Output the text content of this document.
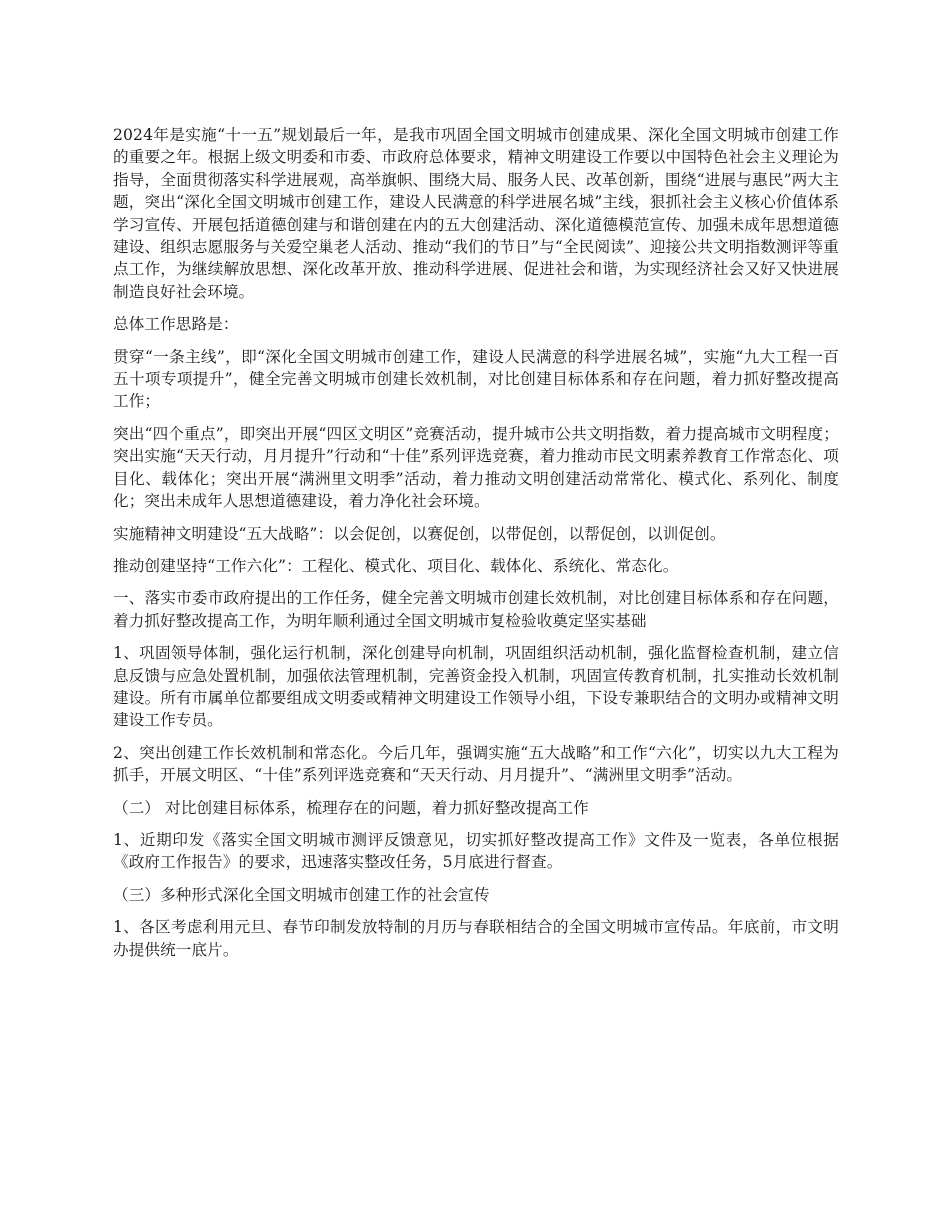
2024年是实施“十一五”规划最后一年，是我市巩固全国文明城市创建成果、深化全国文明城市创建工作的重要之年。根据上级文明委和市委、市政府总体要求，精神文明建设工作要以中国特色社会主义理论为指导，全面贯彻落实科学进展观，高举旗帜、围绕大局、服务人民、改革创新，围绕“进展与惠民”两大主题，突出“深化全国文明城市创建工作，建设人民满意的科学进展名城”主线，狠抓社会主义核心价值体系学习宣传、开展包括道德创建与和谐创建在内的五大创建活动、深化道德模范宣传、加强未成年思想道德建设、组织志愿服务与关爱空巢老人活动、推动“我们的节日”与“全民阅读”、迎接公共文明指数测评等重点工作，为继续解放思想、深化改革开放、推动科学进展、促进社会和谐，为实现经济社会又好又快进展制造良好社会环境。

总体工作思路是：

贯穿“一条主线”，即“深化全国文明城市创建工作，建设人民满意的科学进展名城”，实施“九大工程一百五十项专项提升”，健全完善文明城市创建长效机制，对比创建目标体系和存在问题，着力抓好整改提高工作；

突出“四个重点”，即突出开展“四区文明区”竞赛活动，提升城市公共文明指数，着力提高城市文明程度；突出实施“天天行动，月月提升”行动和“十佳”系列评选竞赛，着力推动市民文明素养教育工作常态化、项目化、载体化；突出开展“满洲里文明季”活动，着力推动文明创建活动常常化、模式化、系列化、制度化；突出未成年人思想道德建设，着力净化社会环境。

实施精神文明建设“五大战略”：以会促创，以赛促创，以带促创，以帮促创，以训促创。

推动创建坚持“工作六化”：工程化、模式化、项目化、载体化、系统化、常态化。

一、落实市委市政府提出的工作任务，健全完善文明城市创建长效机制，对比创建目标体系和存在问题，着力抓好整改提高工作，为明年顺利通过全国文明城市复检验收奠定坚实基础

1、巩固领导体制，强化运行机制，深化创建导向机制，巩固组织活动机制，强化监督检查机制，建立信息反馈与应急处置机制，加强依法管理机制，完善资金投入机制，巩固宣传教育机制，扎实推动长效机制建设。所有市属单位都要组成文明委或精神文明建设工作领导小组，下设专兼职结合的文明办或精神文明建设工作专员。

2、突出创建工作长效机制和常态化。今后几年，强调实施“五大战略”和工作“六化”，切实以九大工程为抓手，开展文明区、“十佳”系列评选竞赛和“天天行动、月月提升”、“满洲里文明季”活动。

（二） 对比创建目标体系，梳理存在的问题，着力抓好整改提高工作

1、近期印发《落实全国文明城市测评反馈意见，切实抓好整改提高工作》文件及一览表，各单位根据《政府工作报告》的要求，迅速落实整改任务，5月底进行督查。

（三）多种形式深化全国文明城市创建工作的社会宣传

1、各区考虑利用元旦、春节印制发放特制的月历与春联相结合的全国文明城市宣传品。年底前，市文明办提供统一底片。
